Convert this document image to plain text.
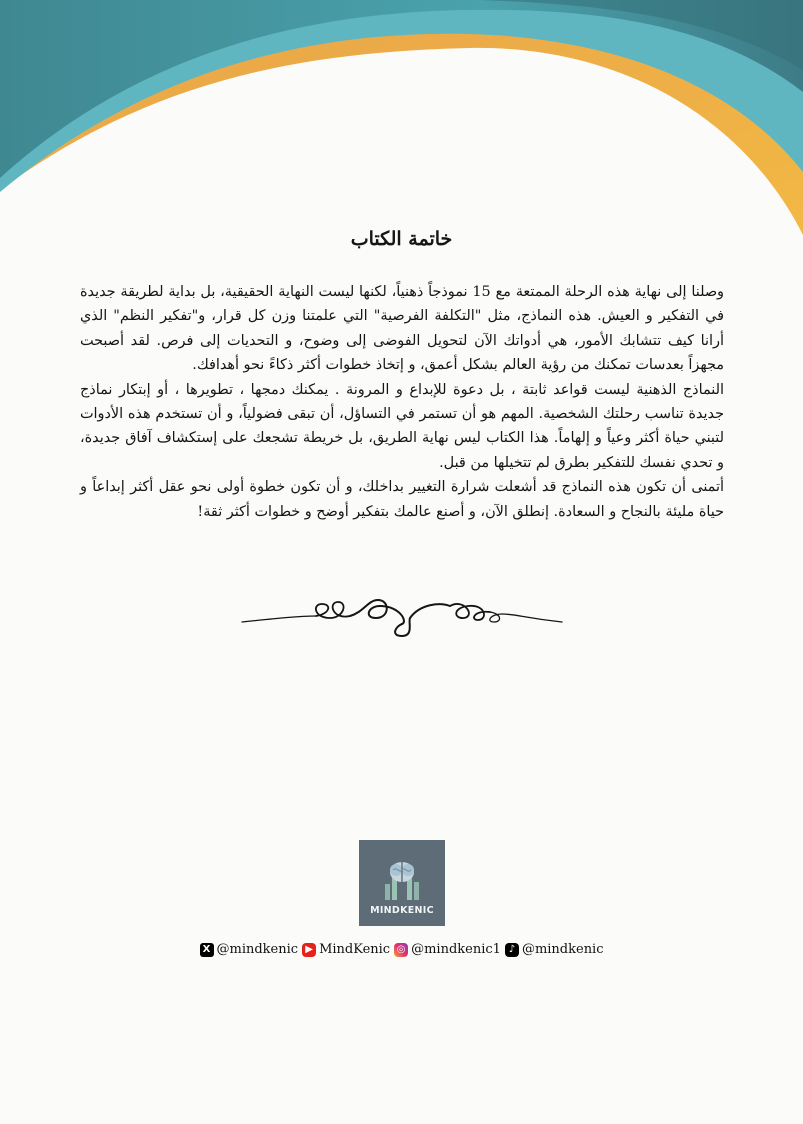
خاتمة الكتاب

وصلنا إلى نهاية هذه الرحلة الممتعة مع 15 نموذجاً ذهنياً، لكنها ليست النهاية الحقيقية، بل بداية لطريقة جديدة في التفكير و العيش. هذه النماذج، مثل "التكلفة الفرصية" التي علمتنا وزن كل قرار، و"تفكير النظم" الذي أرانا كيف تتشابك الأمور، هي أدواتك الآن لتحويل الفوضى إلى وضوح، و التحديات إلى فرص. لقد أصبحت مجهزاً بعدسات تمكنك من رؤية العالم بشكل أعمق، و إتخاذ خطوات أكثر ذكاءً نحو أهدافك.

النماذج الذهنية ليست قواعد ثابتة ، بل دعوة للإبداع و المرونة . يمكنك دمجها ، تطويرها ، أو إبتكار نماذج جديدة تناسب رحلتك الشخصية. المهم هو أن تستمر في التساؤل، أن تبقى فضولياً، و أن تستخدم هذه الأدوات لتبني حياة أكثر وعياً و إلهاماً. هذا الكتاب ليس نهاية الطريق، بل خريطة تشجعك على إستكشاف آفاق جديدة، و تحدي نفسك للتفكير بطرق لم تتخيلها من قبل.

أتمنى أن تكون هذه النماذج قد أشعلت شرارة التغيير بداخلك، و أن تكون خطوة أولى نحو عقل أكثر إبداعاً و حياة مليئة بالنجاح و السعادة. إنطلق الآن، و أصنع عالمك بتفكير أوضح و خطوات أكثر ثقة!

MINDKENIC
X @mindkenic ▶ MindKenic ◎ @mindkenic1 ♪ @mindkenic
